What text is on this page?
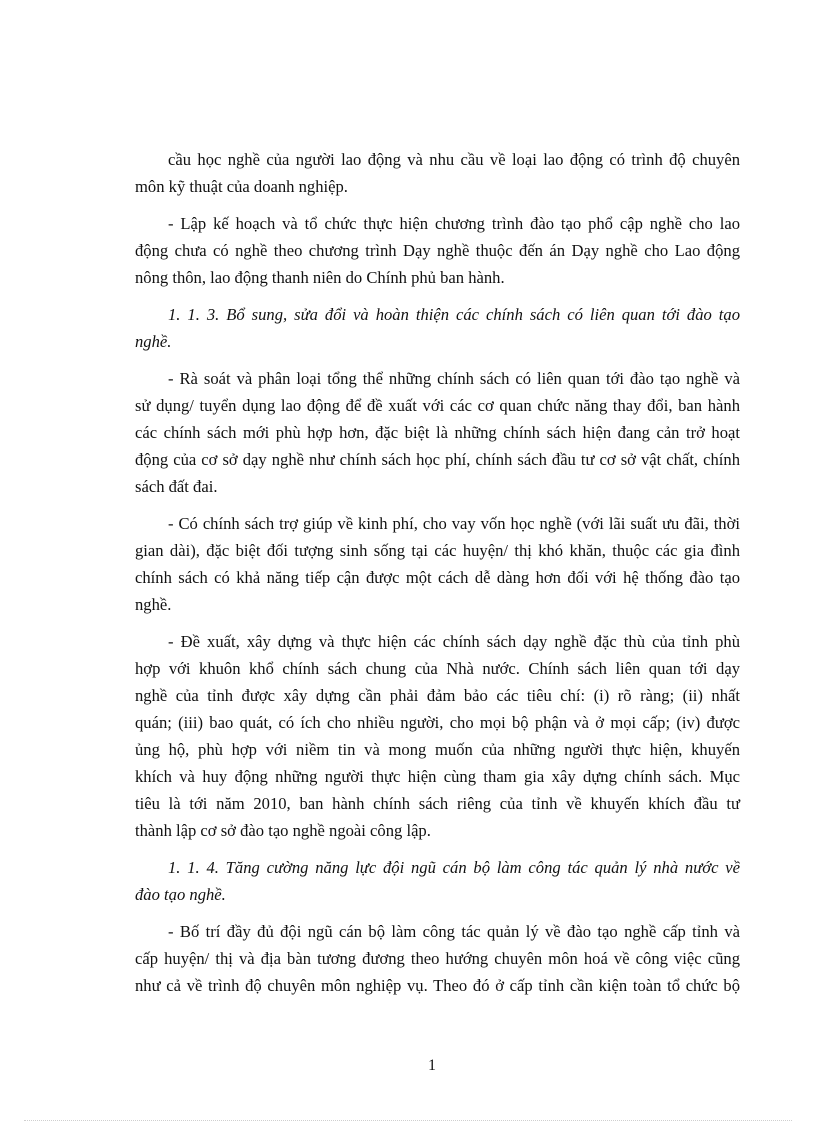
cầu học nghề của người lao động và nhu cầu về loại lao động có trình độ chuyên
môn kỹ thuật của doanh nghiệp.

- Lập kế hoạch và tổ chức thực hiện chương trình đào tạo phổ cập nghề cho lao
động chưa có nghề theo chương trình Dạy nghề thuộc đến án Dạy nghề cho Lao động
nông thôn, lao động thanh niên do Chính phủ ban hành.

1. 1. 3. Bổ sung, sửa đổi và hoàn thiện các chính sách có liên quan tới đào tạo
nghề.

- Rà soát và phân loại tổng thể những chính sách có liên quan tới đào tạo nghề và
sử dụng/ tuyển dụng lao động để đề xuất với các cơ quan chức năng thay đổi, ban hành
các chính sách mới phù hợp hơn, đặc biệt là những chính sách hiện đang cản trở hoạt
động của cơ sở dạy nghề như chính sách học phí, chính sách đầu tư cơ sở vật chất, chính
sách đất đai.

- Có chính sách trợ giúp về kinh phí, cho vay vốn học nghề (với lãi suất ưu đãi, thời
gian dài), đặc biệt đối tượng sinh sống tại các huyện/ thị khó khăn, thuộc các gia đình
chính sách có khả năng tiếp cận được một cách dễ dàng hơn đối với hệ thống đào tạo
nghề.

- Đề xuất, xây dựng và thực hiện các chính sách dạy nghề đặc thù của tỉnh phù
hợp với khuôn khổ chính sách chung của Nhà nước. Chính sách liên quan tới dạy
nghề của tỉnh được xây dựng cần phải đảm bảo các tiêu chí: (i) rõ ràng; (ii) nhất
quán; (iii) bao quát, có ích cho nhiều người, cho mọi bộ phận và ở mọi cấp; (iv) được
ủng hộ, phù hợp với niềm tin và mong muốn của những người thực hiện, khuyến
khích và huy động những người thực hiện cùng tham gia xây dựng chính sách. Mục
tiêu là tới năm 2010, ban hành chính sách riêng của tỉnh về khuyến khích đầu tư
thành lập cơ sở đào tạo nghề ngoài công lập.

1. 1. 4. Tăng cường năng lực đội ngũ cán bộ làm công tác quản lý nhà nước về
đào tạo nghề.

- Bố trí đầy đủ đội ngũ cán bộ làm công tác quản lý về đào tạo nghề cấp tỉnh và
cấp huyện/ thị và địa bàn tương đương theo hướng chuyên môn hoá về công việc cũng
như cả về trình độ chuyên môn nghiệp vụ. Theo đó ở cấp tỉnh cần kiện toàn tổ chức bộ

1
